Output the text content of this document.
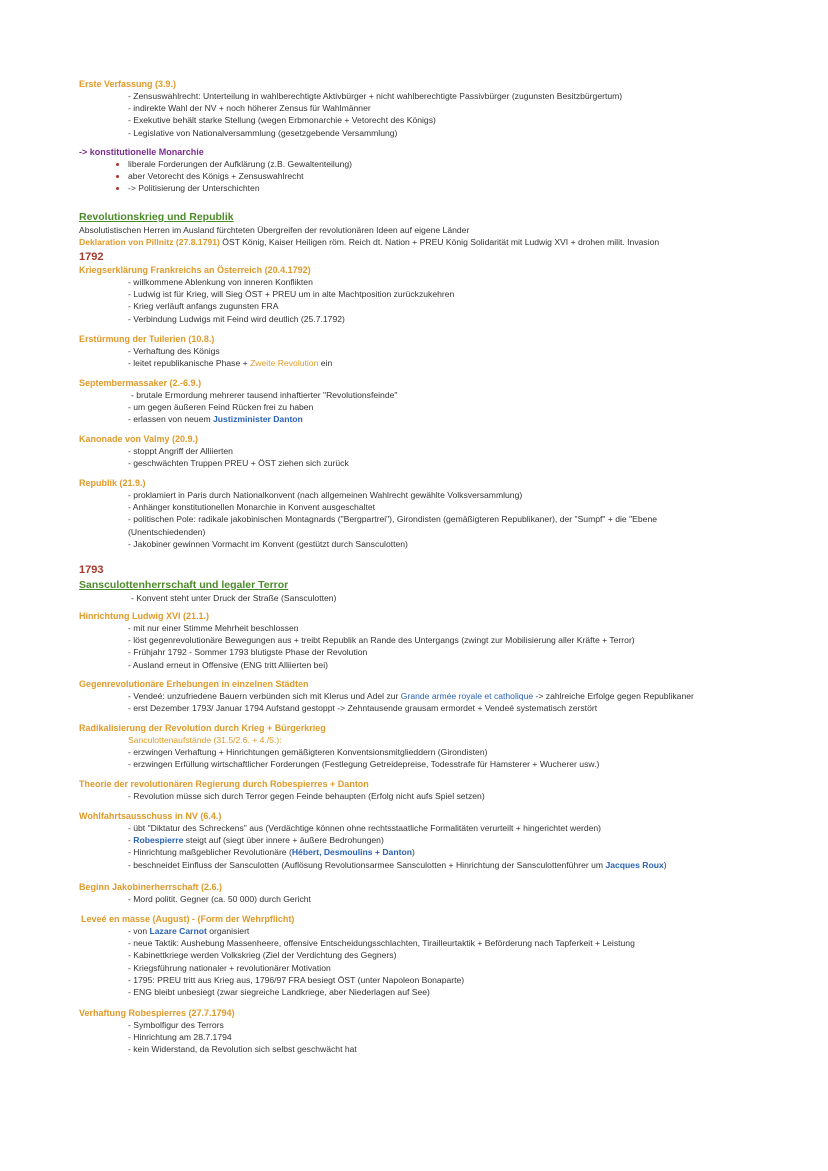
Erste Verfassung (3.9.)
- Zensuswahlrecht: Unterteilung in wahlberechtigte Aktivbürger + nicht wahlberechtigte Passivbürger (zugunsten Besitzbürgertum)
- indirekte Wahl der NV + noch höherer Zensus für Wahlmänner
- Exekutive behält starke Stellung (wegen Erbmonarchie + Vetorecht des Königs)
- Legislative von Nationalversammlung (gesetzgebende Versammlung)
-> konstitutionelle Monarchie
liberale Forderungen der Aufklärung (z.B. Gewaltenteilung)
aber Vetorecht des Königs + Zensuswahlrecht
-> Politisierung der Unterschichten
Revolutionskrieg und Republik
Absolutistischen Herren im Ausland fürchteten Übergreifen der revolutionären Ideen auf eigene Länder
Deklaration von Pillnitz (27.8.1791) ÖST König, Kaiser Heiligen röm. Reich dt. Nation + PREU König Solidarität mit Ludwig XVI + drohen milit. Invasion
1792
Kriegserklärung Frankreichs an Österreich (20.4.1792)
- willkommene Ablenkung von inneren Konflikten
- Ludwig ist für Krieg, will Sieg ÖST + PREU um in alte Machtposition zurückzukehren
- Krieg verläuft anfangs zugunsten FRA
- Verbindung Ludwigs mit Feind wird deutlich (25.7.1792)
Erstürmung der Tuilerien (10.8.)
- Verhaftung des Königs
- leitet republikanische Phase + Zweite Revolution ein
Septembermassaker (2.-6.9.)
- brutale Ermordung mehrerer tausend inhaftierter "Revolutionsfeinde"
- um gegen äußeren Feind Rücken frei zu haben
- erlassen von neuem Justizminister Danton
Kanonade von Valmy (20.9.)
- stoppt Angriff der Alliierten
- geschwächten Truppen PREU + ÖST ziehen sich zurück
Republik (21.9.)
- proklamiert in Paris durch Nationalkonvent (nach allgemeinen Wahlrecht gewählte Volksversammlung)
- Anhänger konstitutionellen Monarchie in Konvent ausgeschaltet
- politischen Pole: radikale jakobinischen Montagnards ("Bergpartrei"), Girondisten (gemäßigteren Republikaner), der "Sumpf" + die "Ebene
(Unentschiedenden)
- Jakobiner gewinnen Vormacht im Konvent (gestützt durch Sansculotten)
1793
Sansculottenherrschaft und legaler Terror
- Konvent steht unter Druck der Straße (Sansculotten)
Hinrichtung Ludwig XVI (21.1.)
- mit nur einer Stimme Mehrheit beschlossen
- löst gegenrevolutionäre Bewegungen aus + treibt Republik an Rande des Untergangs (zwingt zur Mobilisierung aller Kräfte + Terror)
- Frühjahr 1792 - Sommer 1793 blutigste Phase der Revolution
- Ausland erneut in Offensive (ENG tritt Alliierten bei)
Gegenrevolutionäre Erhebungen in einzelnen Städten
- Vendeé: unzufriedene Bauern verbünden sich mit Klerus und Adel zur Grande armée royale et catholique -> zahlreiche Erfolge gegen Republikaner
- erst Dezember 1793/ Januar 1794 Aufstand gestoppt -> Zehntausende grausam ermordet + Vendeé systematisch zerstört
Radikalisierung der Revolution durch Krieg + Bürgerkrieg
Sanculottenaufstände (31.5/2.6. + 4./5.):
- erzwingen Verhaftung + Hinrichtungen gemäßigteren Konventsionsmitglieddern (Girondisten)
- erzwingen Erfüllung wirtschaftlicher Forderungen (Festlegung Getreidepreise, Todesstrafe für Hamsterer + Wucherer usw.)
Theorie der revolutionären Regierung durch Robespierres + Danton
- Revolution müsse sich durch Terror gegen Feinde behaupten (Erfolg nicht aufs Spiel setzen)
Wohlfahrtsausschuss in NV (6.4.)
- übt "Diktatur des Schreckens" aus (Verdächtige können ohne rechtsstaatliche Formalitäten verurteilt + hingerichtet werden)
- Robespierre steigt auf (siegt über innere + äußere Bedrohungen)
- Hinrichtung maßgeblicher Revolutionäre (Hébert, Desmoulins + Danton)
- beschneidet Einfluss der Sansculotten (Auflösung Revolutionsarmee Sansculotten + Hinrichtung der Sansculottenführer um Jacques Roux)
Beginn Jakobinerherrschaft (2.6.)
- Mord politit. Gegner (ca. 50 000) durch Gericht
Leveé en masse (August) - (Form der Wehrpflicht)
- von Lazare Carnot organisiert
- neue Taktik: Aushebung Massenheere, offensive Entscheidungsschlachten, Tirailleurtaktik + Beförderung nach Tapferkeit + Leistung
- Kabinettkriege werden Volkskrieg (Ziel der Verdichtung des Gegners)
- Kriegsführung nationaler + revolutionärer Motivation
- 1795: PREU tritt aus Krieg aus, 1796/97 FRA besiegt ÖST (unter Napoleon Bonaparte)
- ENG bleibt unbesiegt (zwar siegreiche Landkriege, aber Niederlagen auf See)
Verhaftung Robespierres (27.7.1794)
- Symbolfigur des Terrors
- Hinrichtung am 28.7.1794
- kein Widerstand, da Revolution sich selbst geschwächt hat
